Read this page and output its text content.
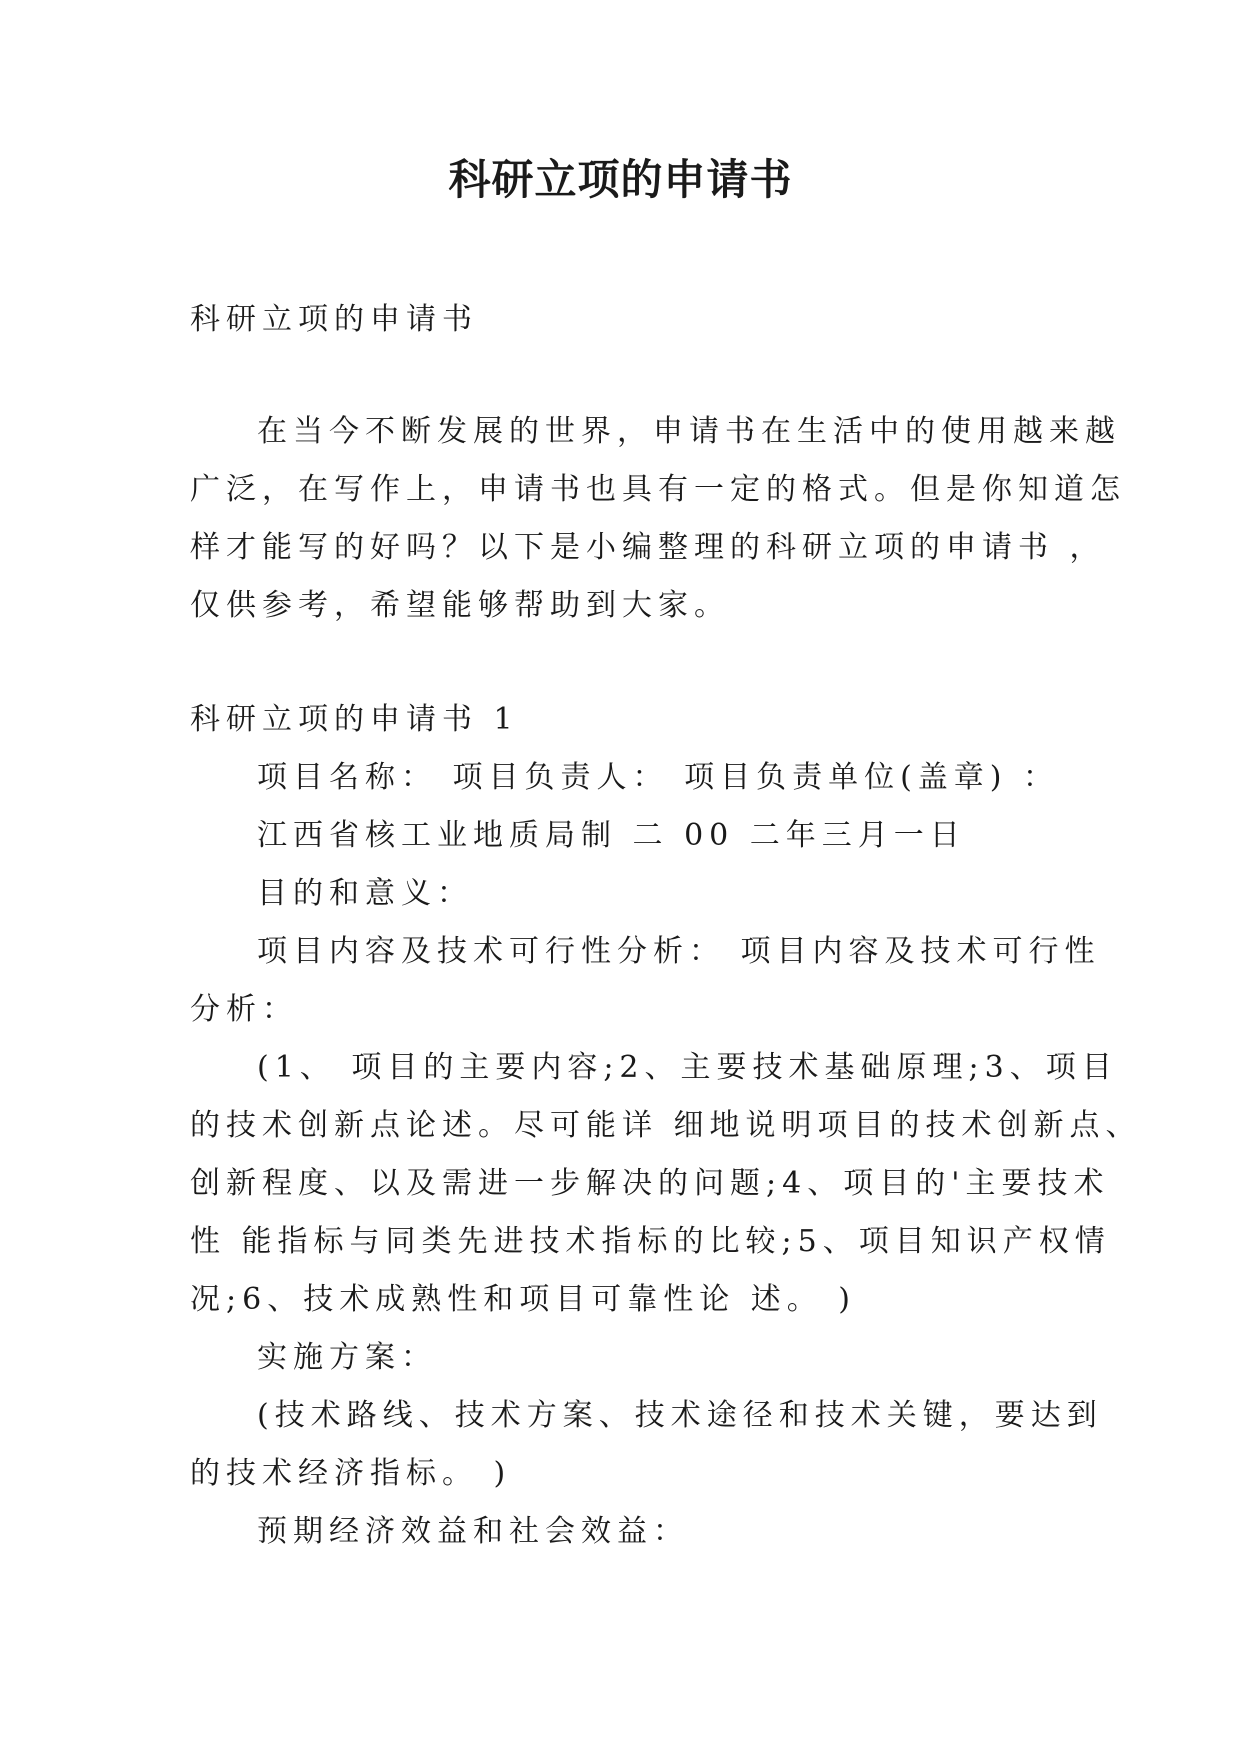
科研立项的申请书
科研立项的申请书
在当今不断发展的世界，申请书在生活中的使用越来越
广泛，在写作上，申请书也具有一定的格式。但是你知道怎
样才能写的好吗？以下是小编整理的科研立项的申请书 ，
仅供参考，希望能够帮助到大家。
科研立项的申请书 1
项目名称： 项目负责人： 项目负责单位(盖章) ：
江西省核工业地质局制 二 00 二年三月一日
目的和意义：
项目内容及技术可行性分析： 项目内容及技术可行性
分析：
(1、 项目的主要内容;2、主要技术基础原理;3、项目
的技术创新点论述。尽可能详 细地说明项目的技术创新点、
创新程度、以及需进一步解决的问题;4、项目的'主要技术
性 能指标与同类先进技术指标的比较;5、项目知识产权情
况;6、技术成熟性和项目可靠性论 述。 )
实施方案：
(技术路线、技术方案、技术途径和技术关键，要达到
的技术经济指标。 )
预期经济效益和社会效益：
